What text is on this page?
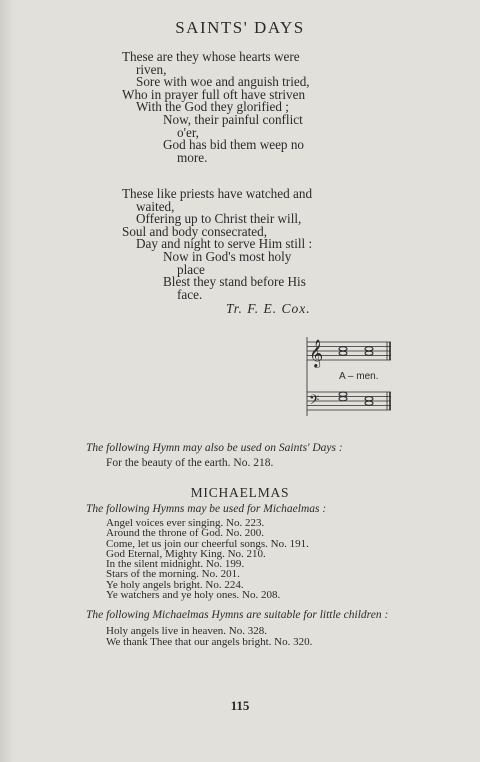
SAINTS' DAYS
These are they whose hearts were
riven,
Sore with woe and anguish tried,
Who in prayer full oft have striven
With the God they glorified ;
Now, their painful conflict
o'er,
God has bid them weep no
more.
These like priests have watched and
waited,
Offering up to Christ their will,
Soul and body consecrated,
Day and night to serve Him still :
Now in God's most holy
place
Blest they stand before His
face.
Tr. F. E. Cox.
𝄞
𝄢
A – men.
The following Hymn may also be used on Saints' Days :
For the beauty of the earth. No. 218.
MICHAELMAS
The following Hymns may be used for Michaelmas :
Angel voices ever singing. No. 223.
Around the throne of God. No. 200.
Come, let us join our cheerful songs. No. 191.
God Eternal, Mighty King. No. 210.
In the silent midnight. No. 199.
Stars of the morning. No. 201.
Ye holy angels bright. No. 224.
Ye watchers and ye holy ones. No. 208.
The following Michaelmas Hymns are suitable for little children :
Holy angels live in heaven. No. 328.
We thank Thee that our angels bright. No. 320.
115
